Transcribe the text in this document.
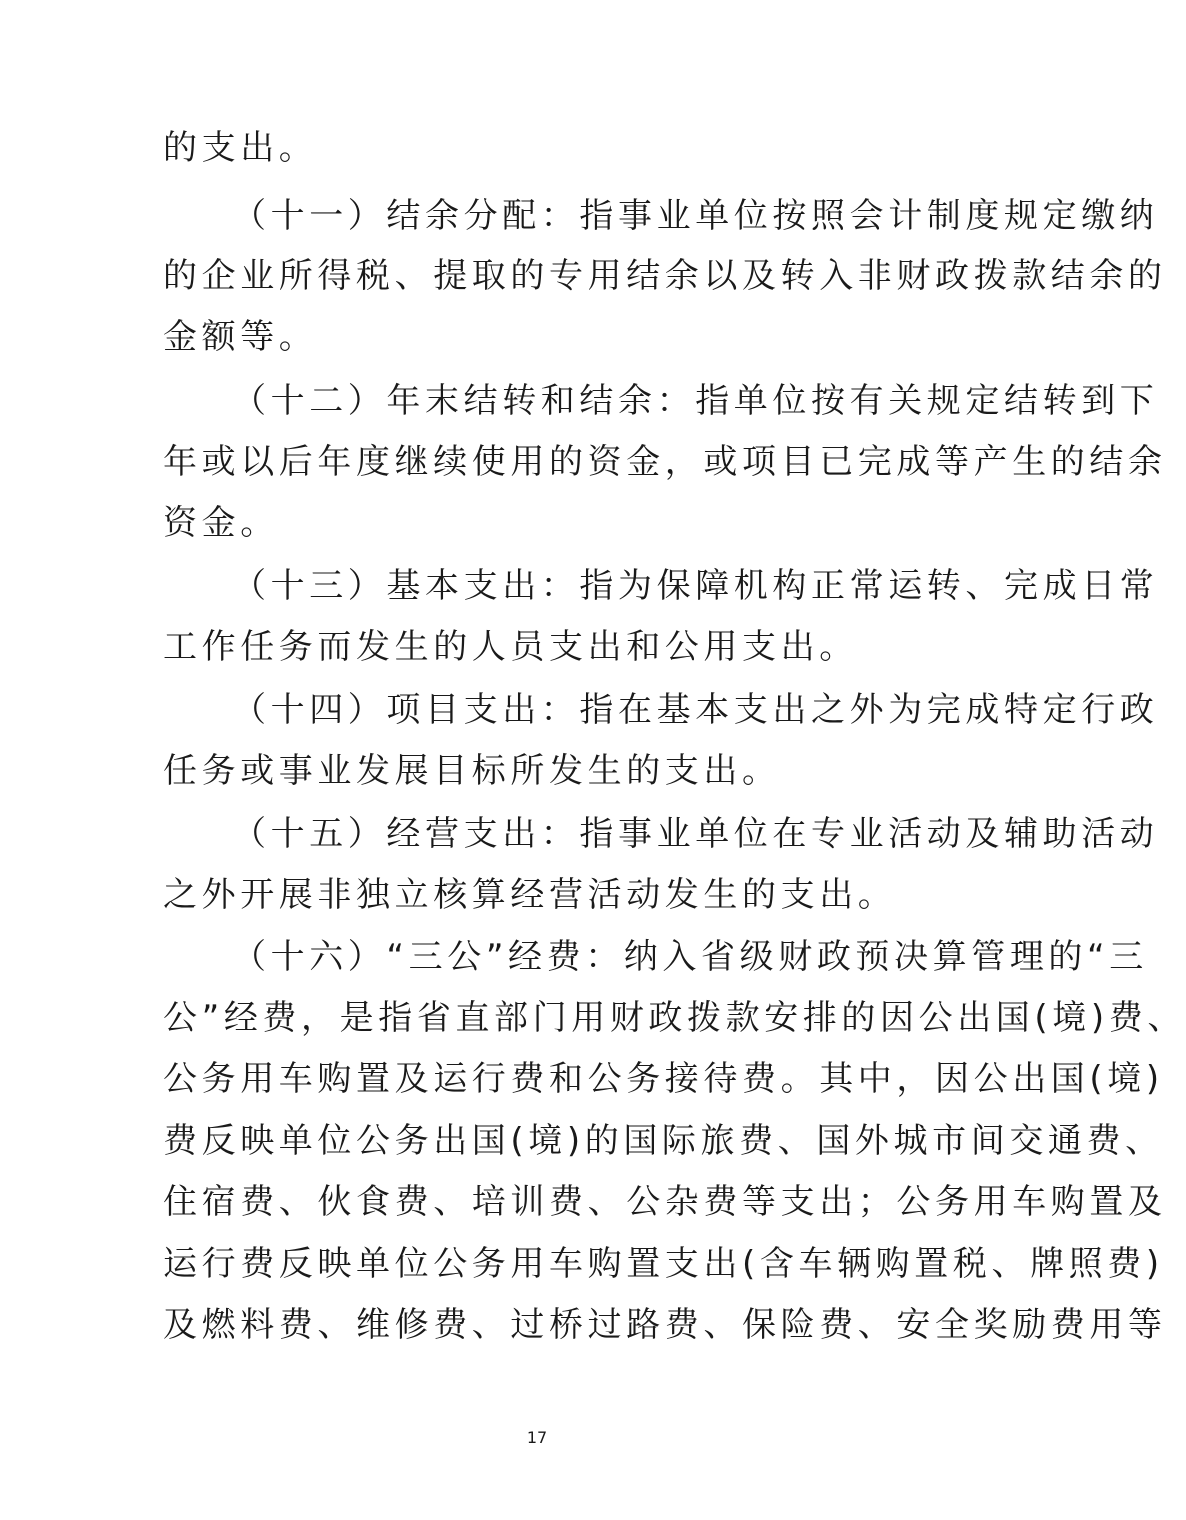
的支出。
（十一）结余分配：指事业单位按照会计制度规定缴纳
的企业所得税、提取的专用结余以及转入非财政拨款结余的
金额等。
（十二）年末结转和结余：指单位按有关规定结转到下
年或以后年度继续使用的资金，或项目已完成等产生的结余
资金。
（十三）基本支出：指为保障机构正常运转、完成日常
工作任务而发生的人员支出和公用支出。
（十四）项目支出：指在基本支出之外为完成特定行政
任务或事业发展目标所发生的支出。
（十五）经营支出：指事业单位在专业活动及辅助活动
之外开展非独立核算经营活动发生的支出。
（十六）“三公”经费：纳入省级财政预决算管理的“三
公”经费，是指省直部门用财政拨款安排的因公出国(境)费、
公务用车购置及运行费和公务接待费。其中，因公出国(境)
费反映单位公务出国(境)的国际旅费、国外城市间交通费、
住宿费、伙食费、培训费、公杂费等支出；公务用车购置及
运行费反映单位公务用车购置支出(含车辆购置税、牌照费)
及燃料费、维修费、过桥过路费、保险费、安全奖励费用等
17
